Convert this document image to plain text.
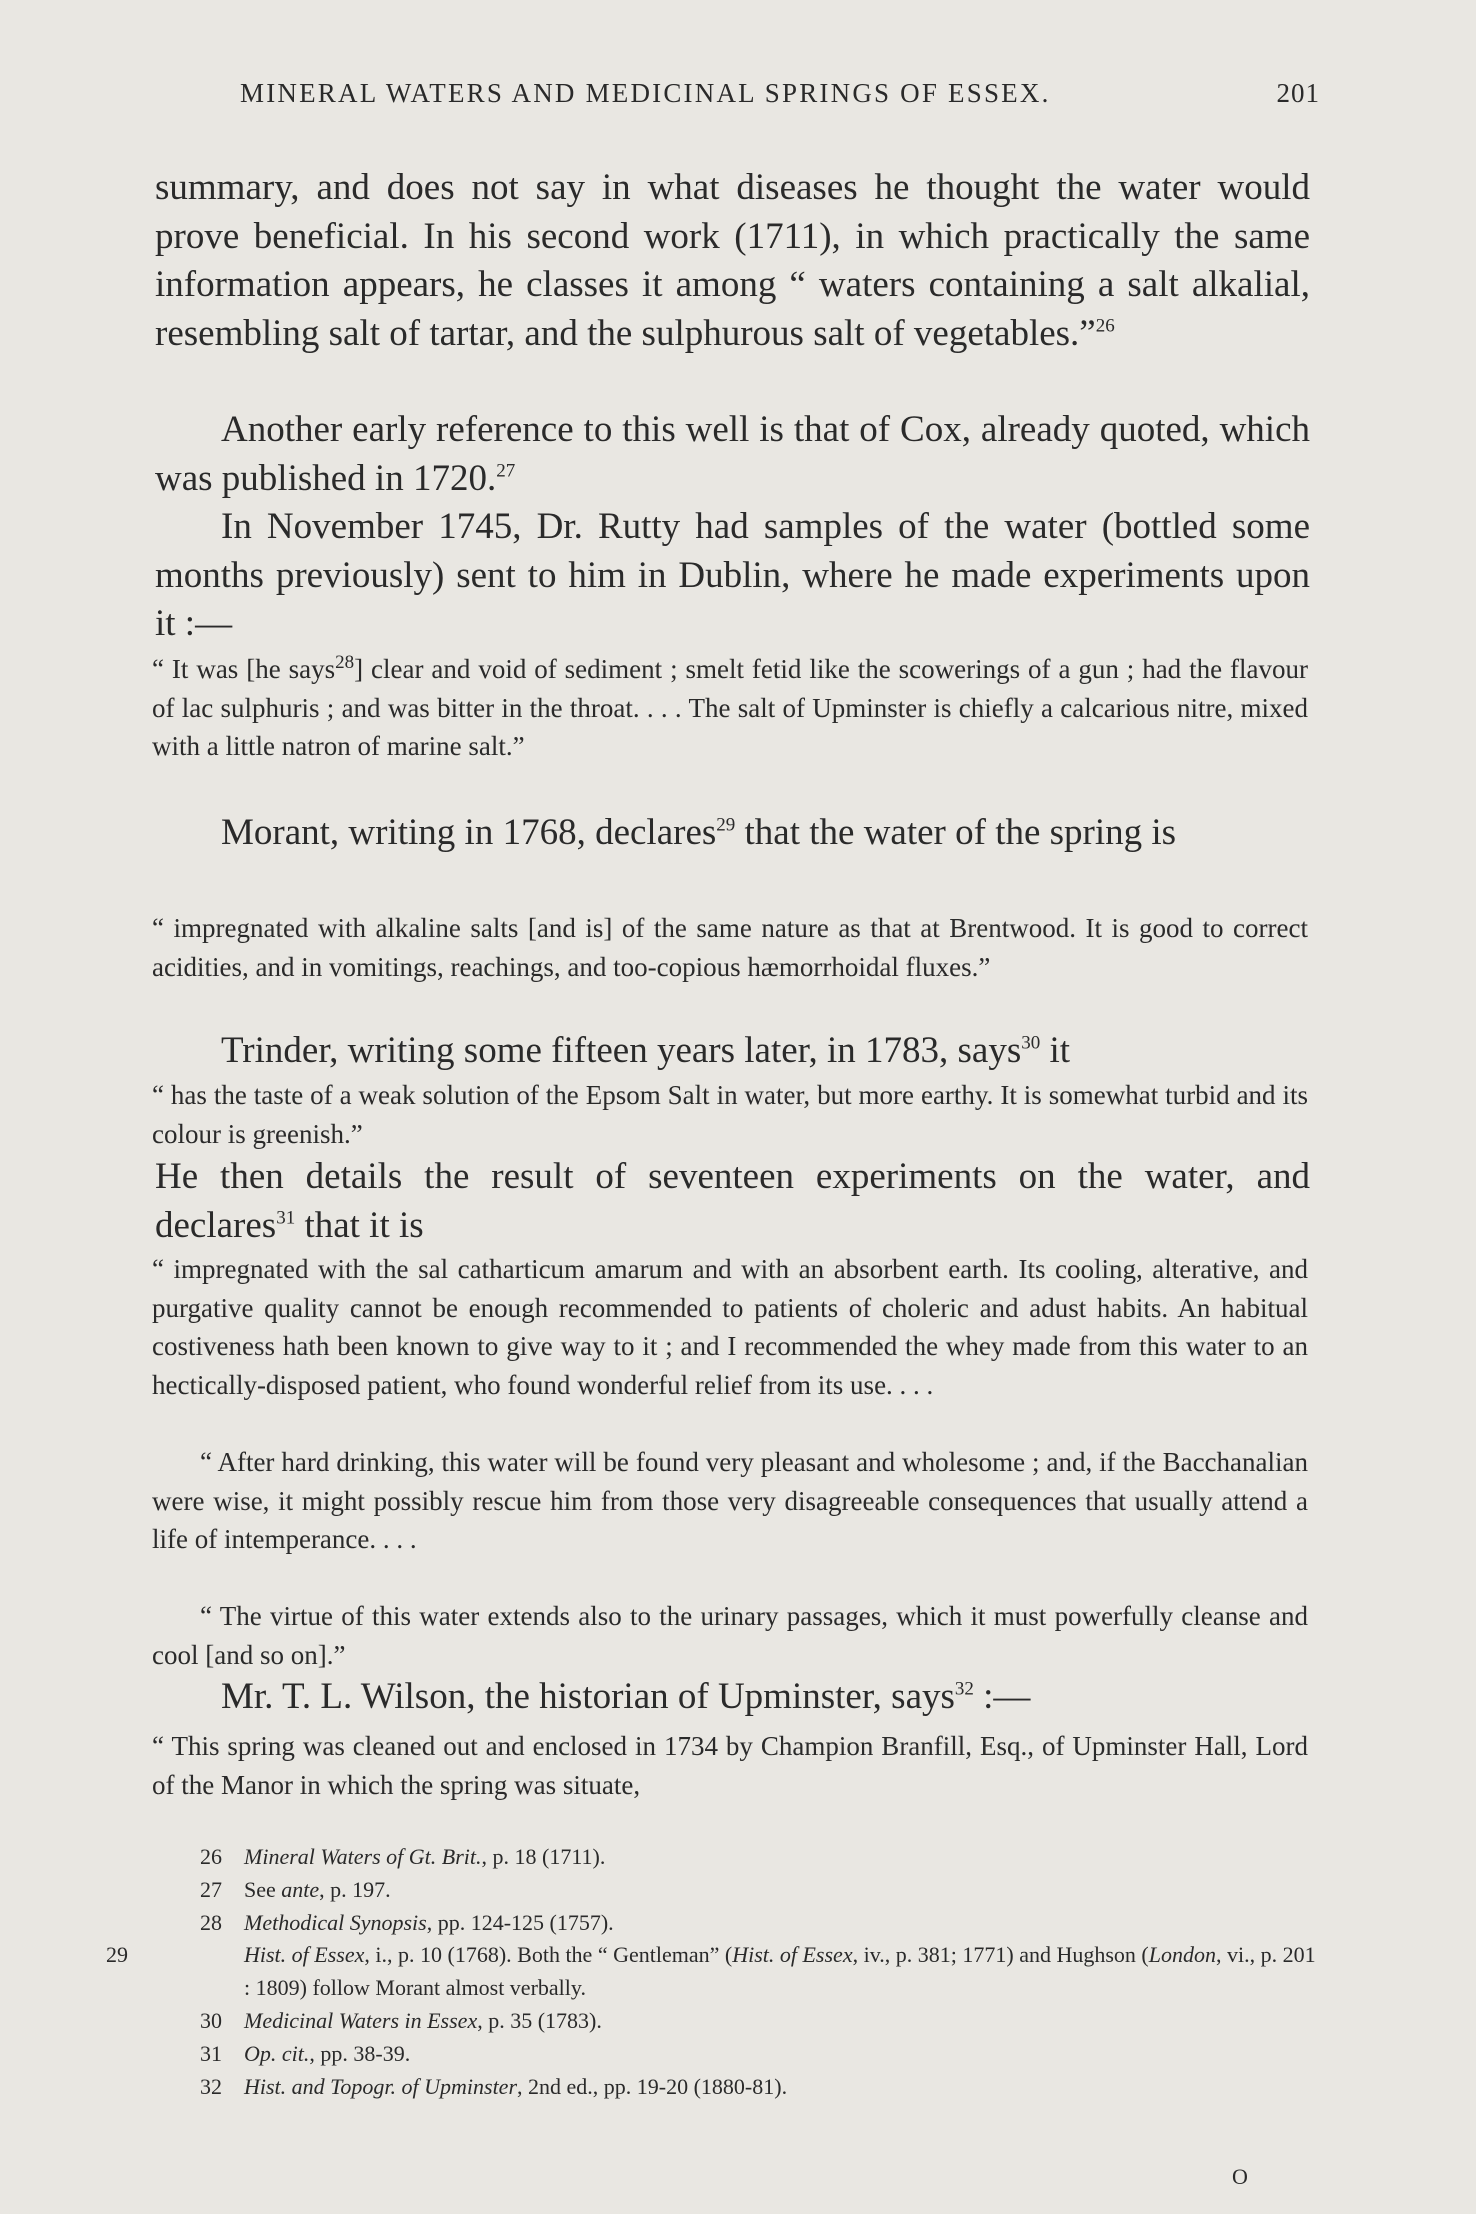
MINERAL WATERS AND MEDICINAL SPRINGS OF ESSEX.	201

summary, and does not say in what diseases he thought the water would prove beneficial. In his second work (1711), in which practically the same information appears, he classes it among “ waters containing a salt alkalial, resembling salt of tartar, and the sulphurous salt of vegetables.”$^{26}$

Another early reference to this well is that of Cox, already quoted, which was published in 1720.27

In November 1745, Dr. Rutty had samples of the water (bottled some months previously) sent to him in Dublin, where he made experiments upon it :—

“ It was [he says$^{28}$] clear and void of sediment ; smelt fetid like the scowerings of a gun ; had the flavour of lac sulphuris ; and was bitter in the throat. . . . The salt of Upminster is chiefly a calcarious nitre, mixed with a little natron of marine salt.”

Morant, writing in 1768, declares$^{29}$ that the water of the spring is

“ impregnated with alkaline salts [and is] of the same nature as that at Brentwood. It is good to correct acidities, and in vomitings, reachings, and too-copious hæmorrhoidal fluxes.”

Trinder, writing some fifteen years later, in 1783, says$^{30}$ it

“ has the taste of a weak solution of the Epsom Salt in water, but more earthy. It is somewhat turbid and its colour is greenish.”

He then details the result of seventeen experiments on the water, and declares$^{31}$ that it is

“ impregnated with the sal catharticum amarum and with an absorbent earth. Its cooling, alterative, and purgative quality cannot be enough recommended to patients of choleric and adust habits. An habitual costiveness hath been known to give way to it ; and I recommended the whey made from this water to an hectically-disposed patient, who found wonderful relief from its use. . . .

“ After hard drinking, this water will be found very pleasant and wholesome ; and, if the Bacchanalian were wise, it might possibly rescue him from those very disagreeable consequences that usually attend a life of intemperance. . . .

“ The virtue of this water extends also to the urinary passages, which it must powerfully cleanse and cool [and so on].”

Mr. T. L. Wilson, the historian of Upminster, says$^{32}$ :—

“ This spring was cleaned out and enclosed in 1734 by Champion Branfill, Esq., of Upminster Hall, Lord of the Manor in which the spring was situate,

26 Mineral Waters of Gt. Brit., p. 18 (1711).

27 See ante, p. 197.

28 Methodical Synopsis, pp. 124-125 (1757).

29	Hist. of Essex, i., p. 10 (1768). Both the “ Gentleman” (Hist. of Essex, iv., p. 381; 1771) and Hughson (London, vi., p. 201 : 1809) follow Morant almost verbally.

30 Medicinal Waters in Essex, p. 35 (1783).

31 Op. cit., pp. 38-39.

32 Hist. and Topogr. of Upminster, 2nd ed., pp. 19-20 (1880-81).

O
